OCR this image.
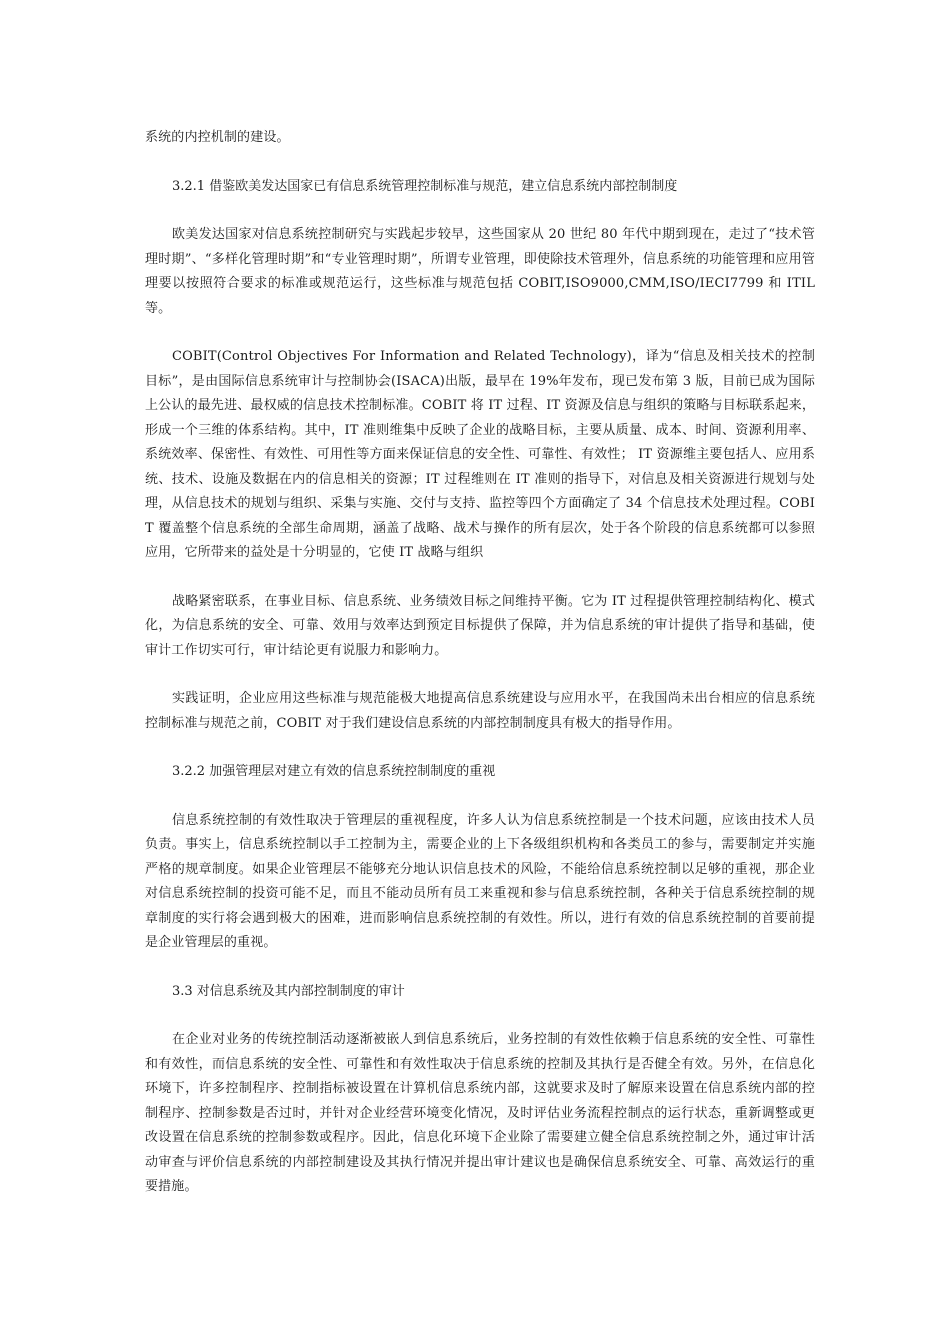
系统的内控机制的建设。

3.2.1 借鉴欧美发达国家已有信息系统管理控制标准与规范，建立信息系统内部控制制度

欧美发达国家对信息系统控制研究与实践起步较早，这些国家从 20 世纪 80 年代中期到现在，走过了“技术管理时期”、“多样化管理时期”和“专业管理时期”，所谓专业管理，即使除技术管理外，信息系统的功能管理和应用管理要以按照符合要求的标准或规范运行，这些标准与规范包括 COBIT,ISO9000,CMM,ISO/IECI7799 和 ITIL 等。

COBIT(Control Objectives For Information and Related Technology)，译为“信息及相关技术的控制目标”，是由国际信息系统审计与控制协会(ISACA)出版，最早在 19%年发布，现已发布第 3 版，目前已成为国际上公认的最先进、最权威的信息技术控制标准。COBIT 将 IT 过程、IT 资源及信息与组织的策略与目标联系起来，形成一个三维的体系结构。其中，IT 准则维集中反映了企业的战略目标，主要从质量、成本、时间、资源利用率、系统效率、保密性、有效性、可用性等方面来保证信息的安全性、可靠性、有效性； IT 资源维主要包括人、应用系统、技术、设施及数据在内的信息相关的资源；IT 过程维则在 IT 准则的指导下，对信息及相关资源进行规划与处理，从信息技术的规划与组织、采集与实施、交付与支持、监控等四个方面确定了 34 个信息技术处理过程。COBIT 覆盖整个信息系统的全部生命周期，涵盖了战略、战术与操作的所有层次，处于各个阶段的信息系统都可以参照应用，它所带来的益处是十分明显的，它使 IT 战略与组织

战略紧密联系，在事业目标、信息系统、业务绩效目标之间维持平衡。它为 IT 过程提供管理控制结构化、模式化，为信息系统的安全、可靠、效用与效率达到预定目标提供了保障，并为信息系统的审计提供了指导和基础，使审计工作切实可行，审计结论更有说服力和影响力。

实践证明，企业应用这些标准与规范能极大地提高信息系统建设与应用水平，在我国尚未出台相应的信息系统控制标准与规范之前，COBIT 对于我们建设信息系统的内部控制制度具有极大的指导作用。

3.2.2 加强管理层对建立有效的信息系统控制制度的重视

信息系统控制的有效性取决于管理层的重视程度，许多人认为信息系统控制是一个技术问题，应该由技术人员负责。事实上，信息系统控制以手工控制为主，需要企业的上下各级组织机构和各类员工的参与，需要制定并实施严格的规章制度。如果企业管理层不能够充分地认识信息技术的风险，不能给信息系统控制以足够的重视，那企业对信息系统控制的投资可能不足，而且不能动员所有员工来重视和参与信息系统控制，各种关于信息系统控制的规章制度的实行将会遇到极大的困难，进而影响信息系统控制的有效性。所以，进行有效的信息系统控制的首要前提是企业管理层的重视。

3.3 对信息系统及其内部控制制度的审计

在企业对业务的传统控制活动逐渐被嵌人到信息系统后，业务控制的有效性依赖于信息系统的安全性、可靠性和有效性，而信息系统的安全性、可靠性和有效性取决于信息系统的控制及其执行是否健全有效。另外，在信息化环境下，许多控制程序、控制指标被设置在计算机信息系统内部，这就要求及时了解原来设置在信息系统内部的控制程序、控制参数是否过时，并针对企业经营环境变化情况，及时评估业务流程控制点的运行状态，重新调整或更改设置在信息系统的控制参数或程序。因此，信息化环境下企业除了需要建立健全信息系统控制之外，通过审计活动审查与评价信息系统的内部控制建设及其执行情况并提出审计建议也是确保信息系统安全、可靠、高效运行的重要措施。
